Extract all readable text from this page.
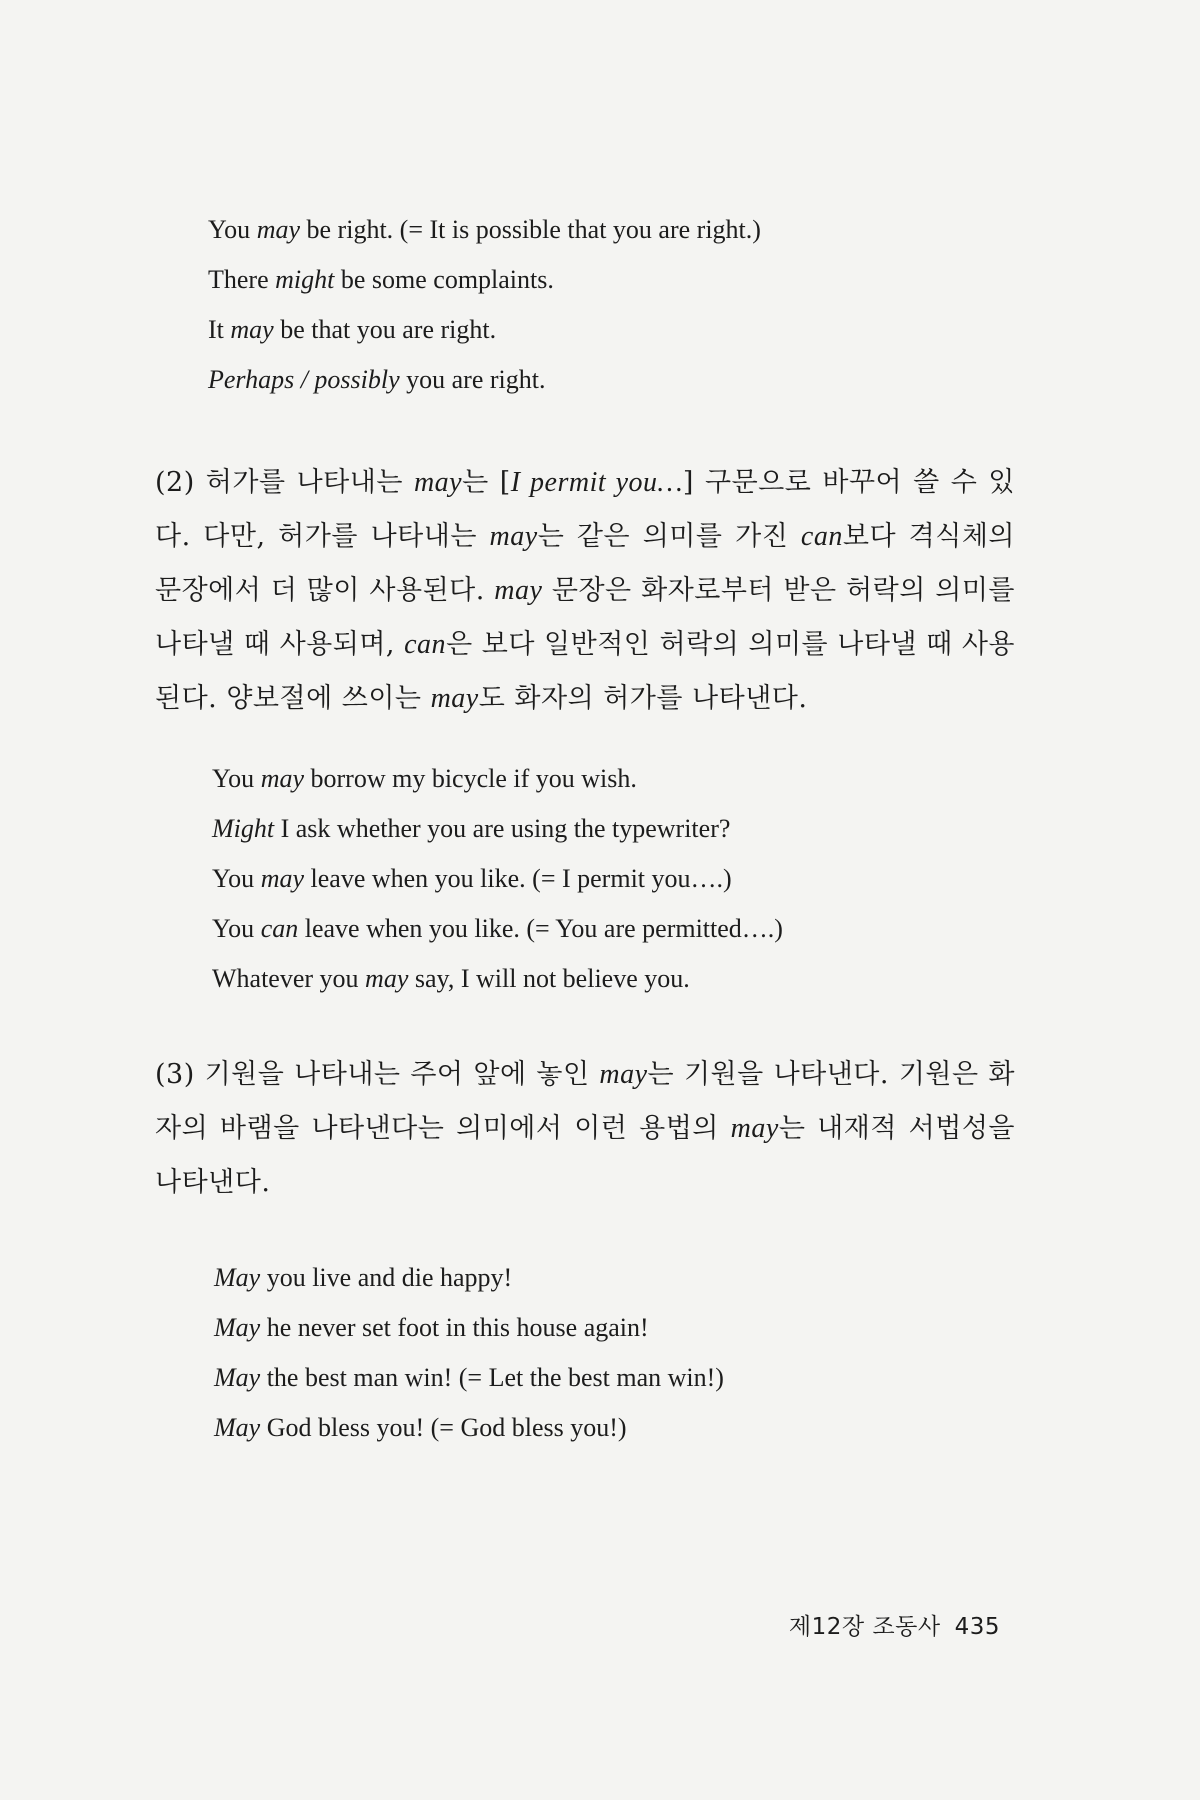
You may be right. (= It is possible that you are right.)
There might be some complaints.
It may be that you are right.
Perhaps / possibly you are right.

(2) 허가를 나타내는 may는 [I permit you…] 구문으로 바꾸어 쓸 수 있다. 다만, 허가를 나타내는 may는 같은 의미를 가진 can보다 격식체의 문장에서 더 많이 사용된다. may 문장은 화자로부터 받은 허락의 의미를 나타낼 때 사용되며, can은 보다 일반적인 허락의 의미를 나타낼 때 사용된다. 양보절에 쓰이는 may도 화자의 허가를 나타낸다.

You may borrow my bicycle if you wish.
Might I ask whether you are using the typewriter?
You may leave when you like. (= I permit you….)
You can leave when you like. (= You are permitted….)
Whatever you may say, I will not believe you.

(3) 기원을 나타내는 주어 앞에 놓인 may는 기원을 나타낸다. 기원은 화자의 바램을 나타낸다는 의미에서 이런 용법의 may는 내재적 서법성을 나타낸다.

May you live and die happy!
May he never set foot in this house again!
May the best man win! (= Let the best man win!)
May God bless you! (= God bless you!)
제12장 조동사 435
